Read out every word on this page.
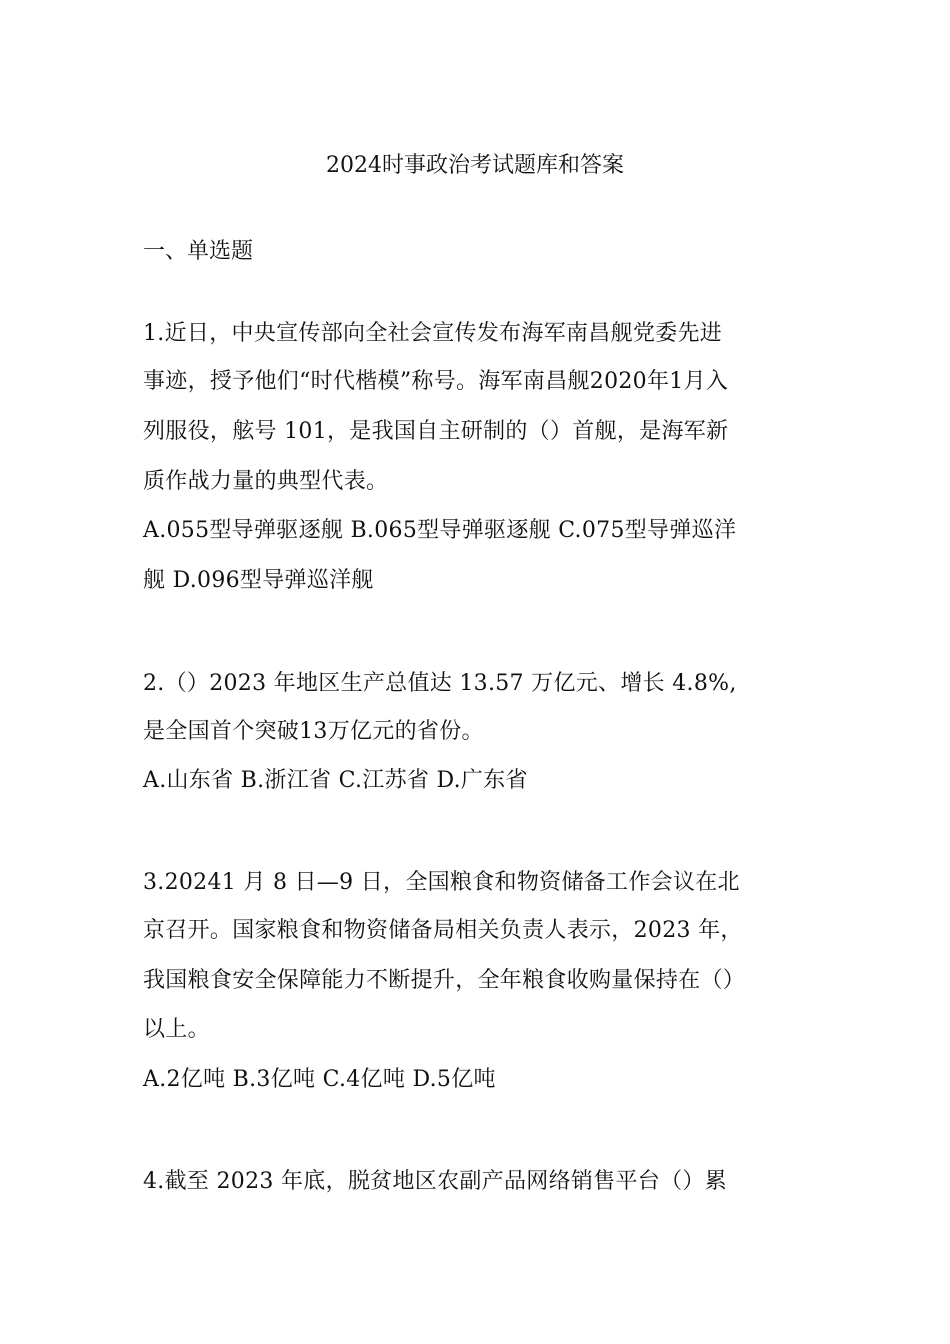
2024时事政治考试题库和答案
一、单选题
1.近日，中央宣传部向全社会宣传发布海军南昌舰党委先进
事迹，授予他们“时代楷模”称号。海军南昌舰2020年1月入
列服役，舷号 101，是我国自主研制的（）首舰，是海军新
质作战力量的典型代表。
A.055型导弹驱逐舰 B.065型导弹驱逐舰 C.075型导弹巡洋
舰 D.096型导弹巡洋舰
2.（）2023 年地区生产总值达 13.57 万亿元、增长 4.8%,
是全国首个突破13万亿元的省份。
A.山东省 B.浙江省 C.江苏省 D.广东省
3.20241 月 8 日—9 日，全国粮食和物资储备工作会议在北
京召开。国家粮食和物资储备局相关负责人表示，2023 年，
我国粮食安全保障能力不断提升，全年粮食收购量保持在（）
以上。
A.2亿吨 B.3亿吨 C.4亿吨 D.5亿吨
4.截至 2023 年底，脱贫地区农副产品网络销售平台（）累
